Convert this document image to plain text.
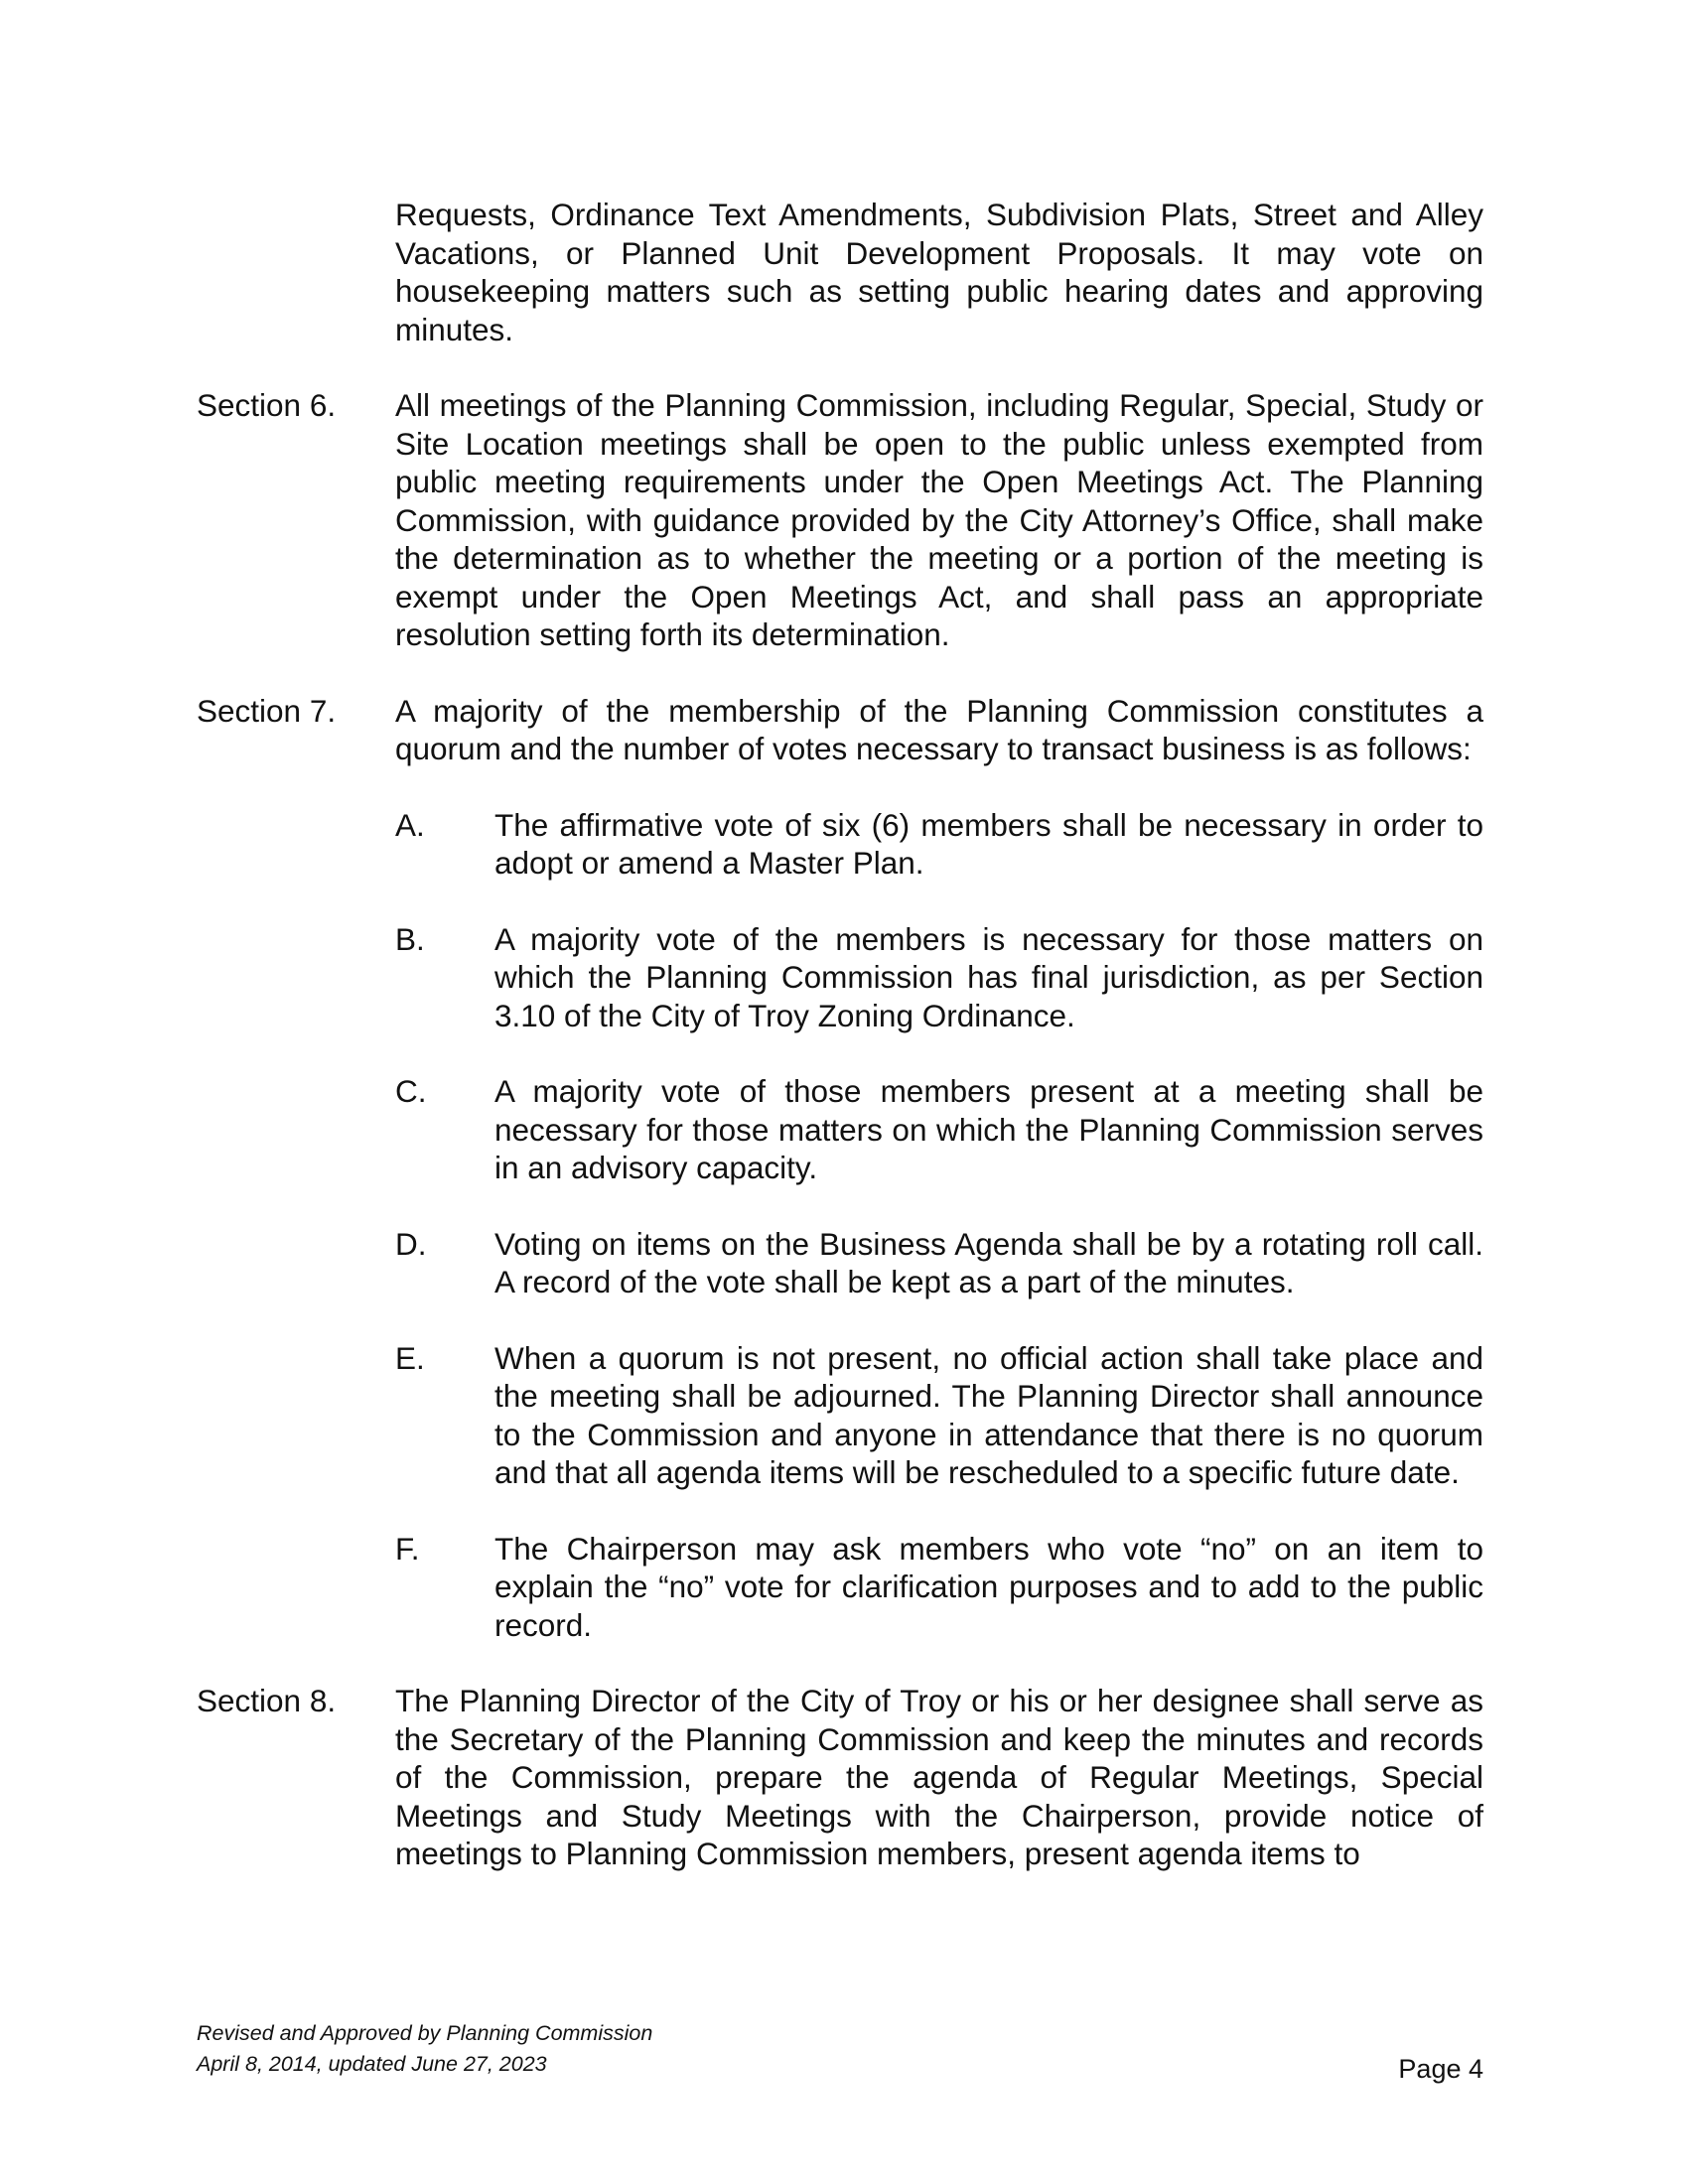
Requests, Ordinance Text Amendments, Subdivision Plats, Street and Alley Vacations, or Planned Unit Development Proposals. It may vote on housekeeping matters such as setting public hearing dates and approving minutes.
Section 6.	All meetings of the Planning Commission, including Regular, Special, Study or Site Location meetings shall be open to the public unless exempted from public meeting requirements under the Open Meetings Act. The Planning Commission, with guidance provided by the City Attorney’s Office, shall make the determination as to whether the meeting or a portion of the meeting is exempt under the Open Meetings Act, and shall pass an appropriate resolution setting forth its determination.
Section 7.	A majority of the membership of the Planning Commission constitutes a quorum and the number of votes necessary to transact business is as follows:
A.	The affirmative vote of six (6) members shall be necessary in order to adopt or amend a Master Plan.
B.	A majority vote of the members is necessary for those matters on which the Planning Commission has final jurisdiction, as per Section 3.10 of the City of Troy Zoning Ordinance.
C.	A majority vote of those members present at a meeting shall be necessary for those matters on which the Planning Commission serves in an advisory capacity.
D.	Voting on items on the Business Agenda shall be by a rotating roll call. A record of the vote shall be kept as a part of the minutes.
E.	When a quorum is not present, no official action shall take place and the meeting shall be adjourned. The Planning Director shall announce to the Commission and anyone in attendance that there is no quorum and that all agenda items will be rescheduled to a specific future date.
F.	The Chairperson may ask members who vote “no” on an item to explain the “no” vote for clarification purposes and to add to the public record.
Section 8.	The Planning Director of the City of Troy or his or her designee shall serve as the Secretary of the Planning Commission and keep the minutes and records of the Commission, prepare the agenda of Regular Meetings, Special Meetings and Study Meetings with the Chairperson, provide notice of meetings to Planning Commission members, present agenda items to
Revised and Approved by Planning Commission
April 8, 2014, updated June 27, 2023	Page 4
